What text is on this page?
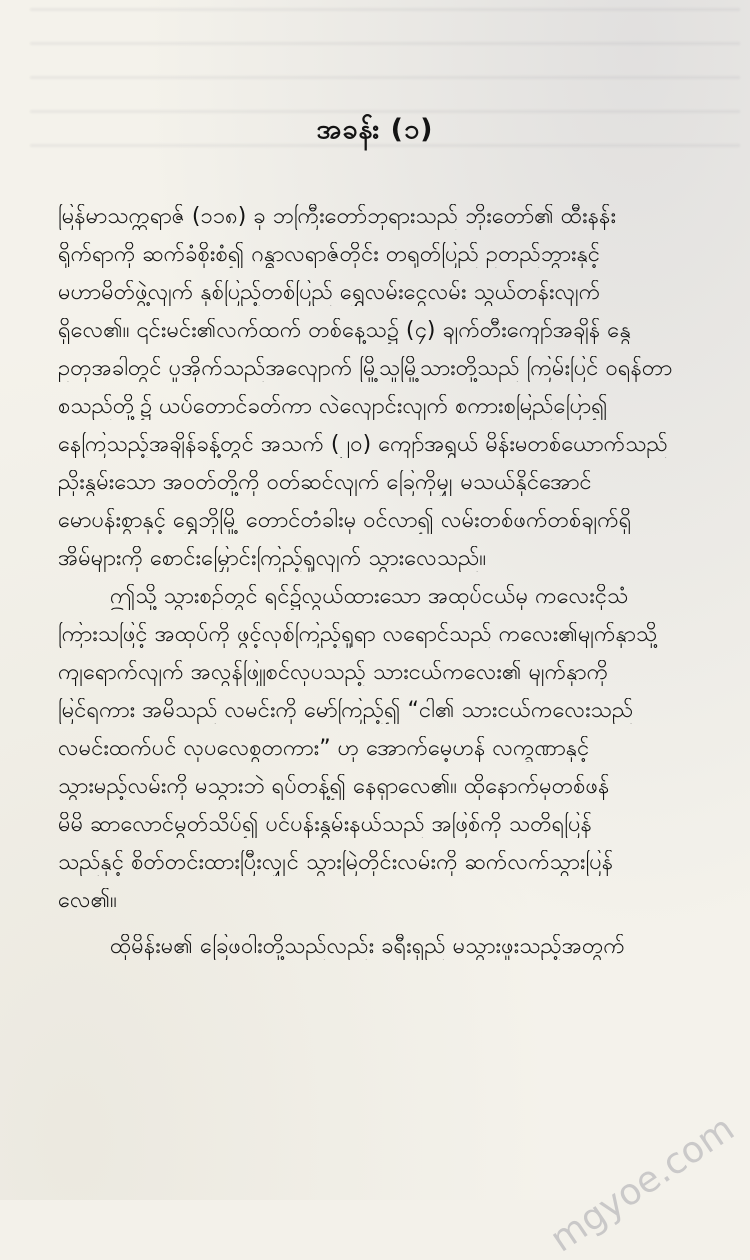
အခန်း (၁)
မြန်မာသက္ကရာဇ် (၁၁၈) ခု ဘကြီးတော်ဘုရားသည် ဘိုးတော်၏ ထီးနန်း
ရိုက်ရာကို ဆက်ခံစိုးစံ၍ ဂန္ဓာလရာဇ်တိုင်း တရုတ်ပြည် ဥတည်ဘွားနှင့်
မဟာမိတ်ဖွဲ့လျက် နှစ်ပြည့်တစ်ပြည် ရွှေလမ်းငွေလမ်း သွယ်တန်းလျက်
ရှိလေ၏။ ၎င်းမင်း၏လက်ထက် တစ်နေ့သ၌ (၄) ချက်တီးကျော်အချိန် နွေ
ဥတုအခါတွင် ပူအိုက်သည်အလျောက် မြို့သူမြို့သားတို့သည် ကြမ်းပြင် ဝရန်တာ
စသည်တို့၌ ယပ်တောင်ခတ်ကာ လဲလျောင်းလျက် စကားစမြည်ပြော၍
နေကြသည့်အချိန်ခန့်တွင် အသက် (၂၀) ကျော်အရွယ် မိန်းမတစ်ယောက်သည်
ညိုးနွမ်းသော အဝတ်တို့ကို ဝတ်ဆင်လျက် ခြေကိုမျှ မသယ်နိုင်အောင်
မောပန်းစွာနှင့် ရွှေဘိုမြို့ တောင်တံခါးမှ ဝင်လာ၍ လမ်းတစ်ဖက်တစ်ချက်ရှိ
အိမ်များကို စောင်းမြှောင်းကြည့်ရှုလျက် သွားလေသည်။
ဤသို့ သွားစဉ်တွင် ရင်၌လွယ်ထားသော အထုပ်ငယ်မှ ကလေးငိုသံ
ကြားသဖြင့် အထုပ်ကို ဖွင့်လှစ်ကြည့်ရှုရာ လရောင်သည် ကလေး၏မျက်နှာသို့
ကျရောက်လျက် အလွန်ဖြူစင်လှပသည့် သားငယ်ကလေး၏ မျက်နှာကို
မြင်ရကား အမိသည် လမင်းကို မော်ကြည့်၍ “ငါ၏ သားငယ်ကလေးသည်
လမင်းထက်ပင် လှပလေစွတကား” ဟု အောက်မေ့ဟန် လက္ခဏာနှင့်
သွားမည့်လမ်းကို မသွားဘဲ ရပ်တန့်၍ နေရှာလေ၏။ ထိုနောက်မှတစ်ဖန်
မိမိ ဆာလောင်မွတ်သိပ်၍ ပင်ပန်းနွမ်းနယ်သည် အဖြစ်ကို သတိရပြန်
သည်နှင့် စိတ်တင်းထားပြီးလျှင် သွားမြဲတိုင်းလမ်းကို ဆက်လက်သွားပြန်
လေ၏။
ထိုမိန်းမ၏ ခြေဖဝါးတို့သည်လည်း ခရီးရှည် မသွားဖူးသည့်အတွက်
mgyoe.com
